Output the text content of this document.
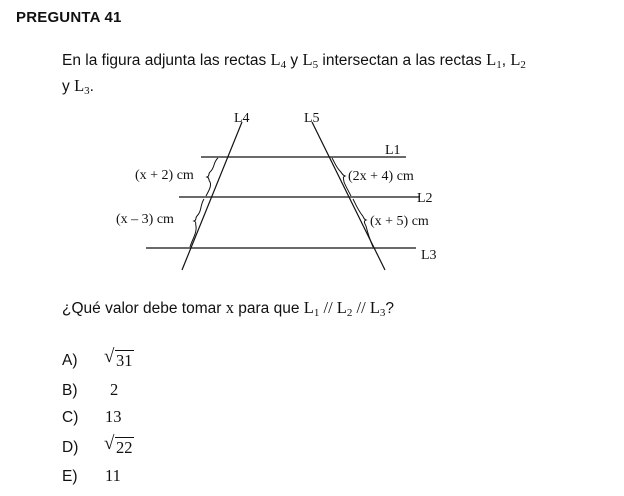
PREGUNTA 41
En la figura adjunta las rectas $L_4$ y $L_5$ intersectan a las rectas $L_1$, $L_2$
y $L_3$.
L4	L5
L1
L2
L3
(x + 2) cm
(x – 3) cm
(2x + 4) cm
(x + 5) cm
¿Qué valor debe tomar x para que $L_1 // L_2 // L_3$?
A) √ 31
B) 2
C) 13
D) √ 22
E) 11
